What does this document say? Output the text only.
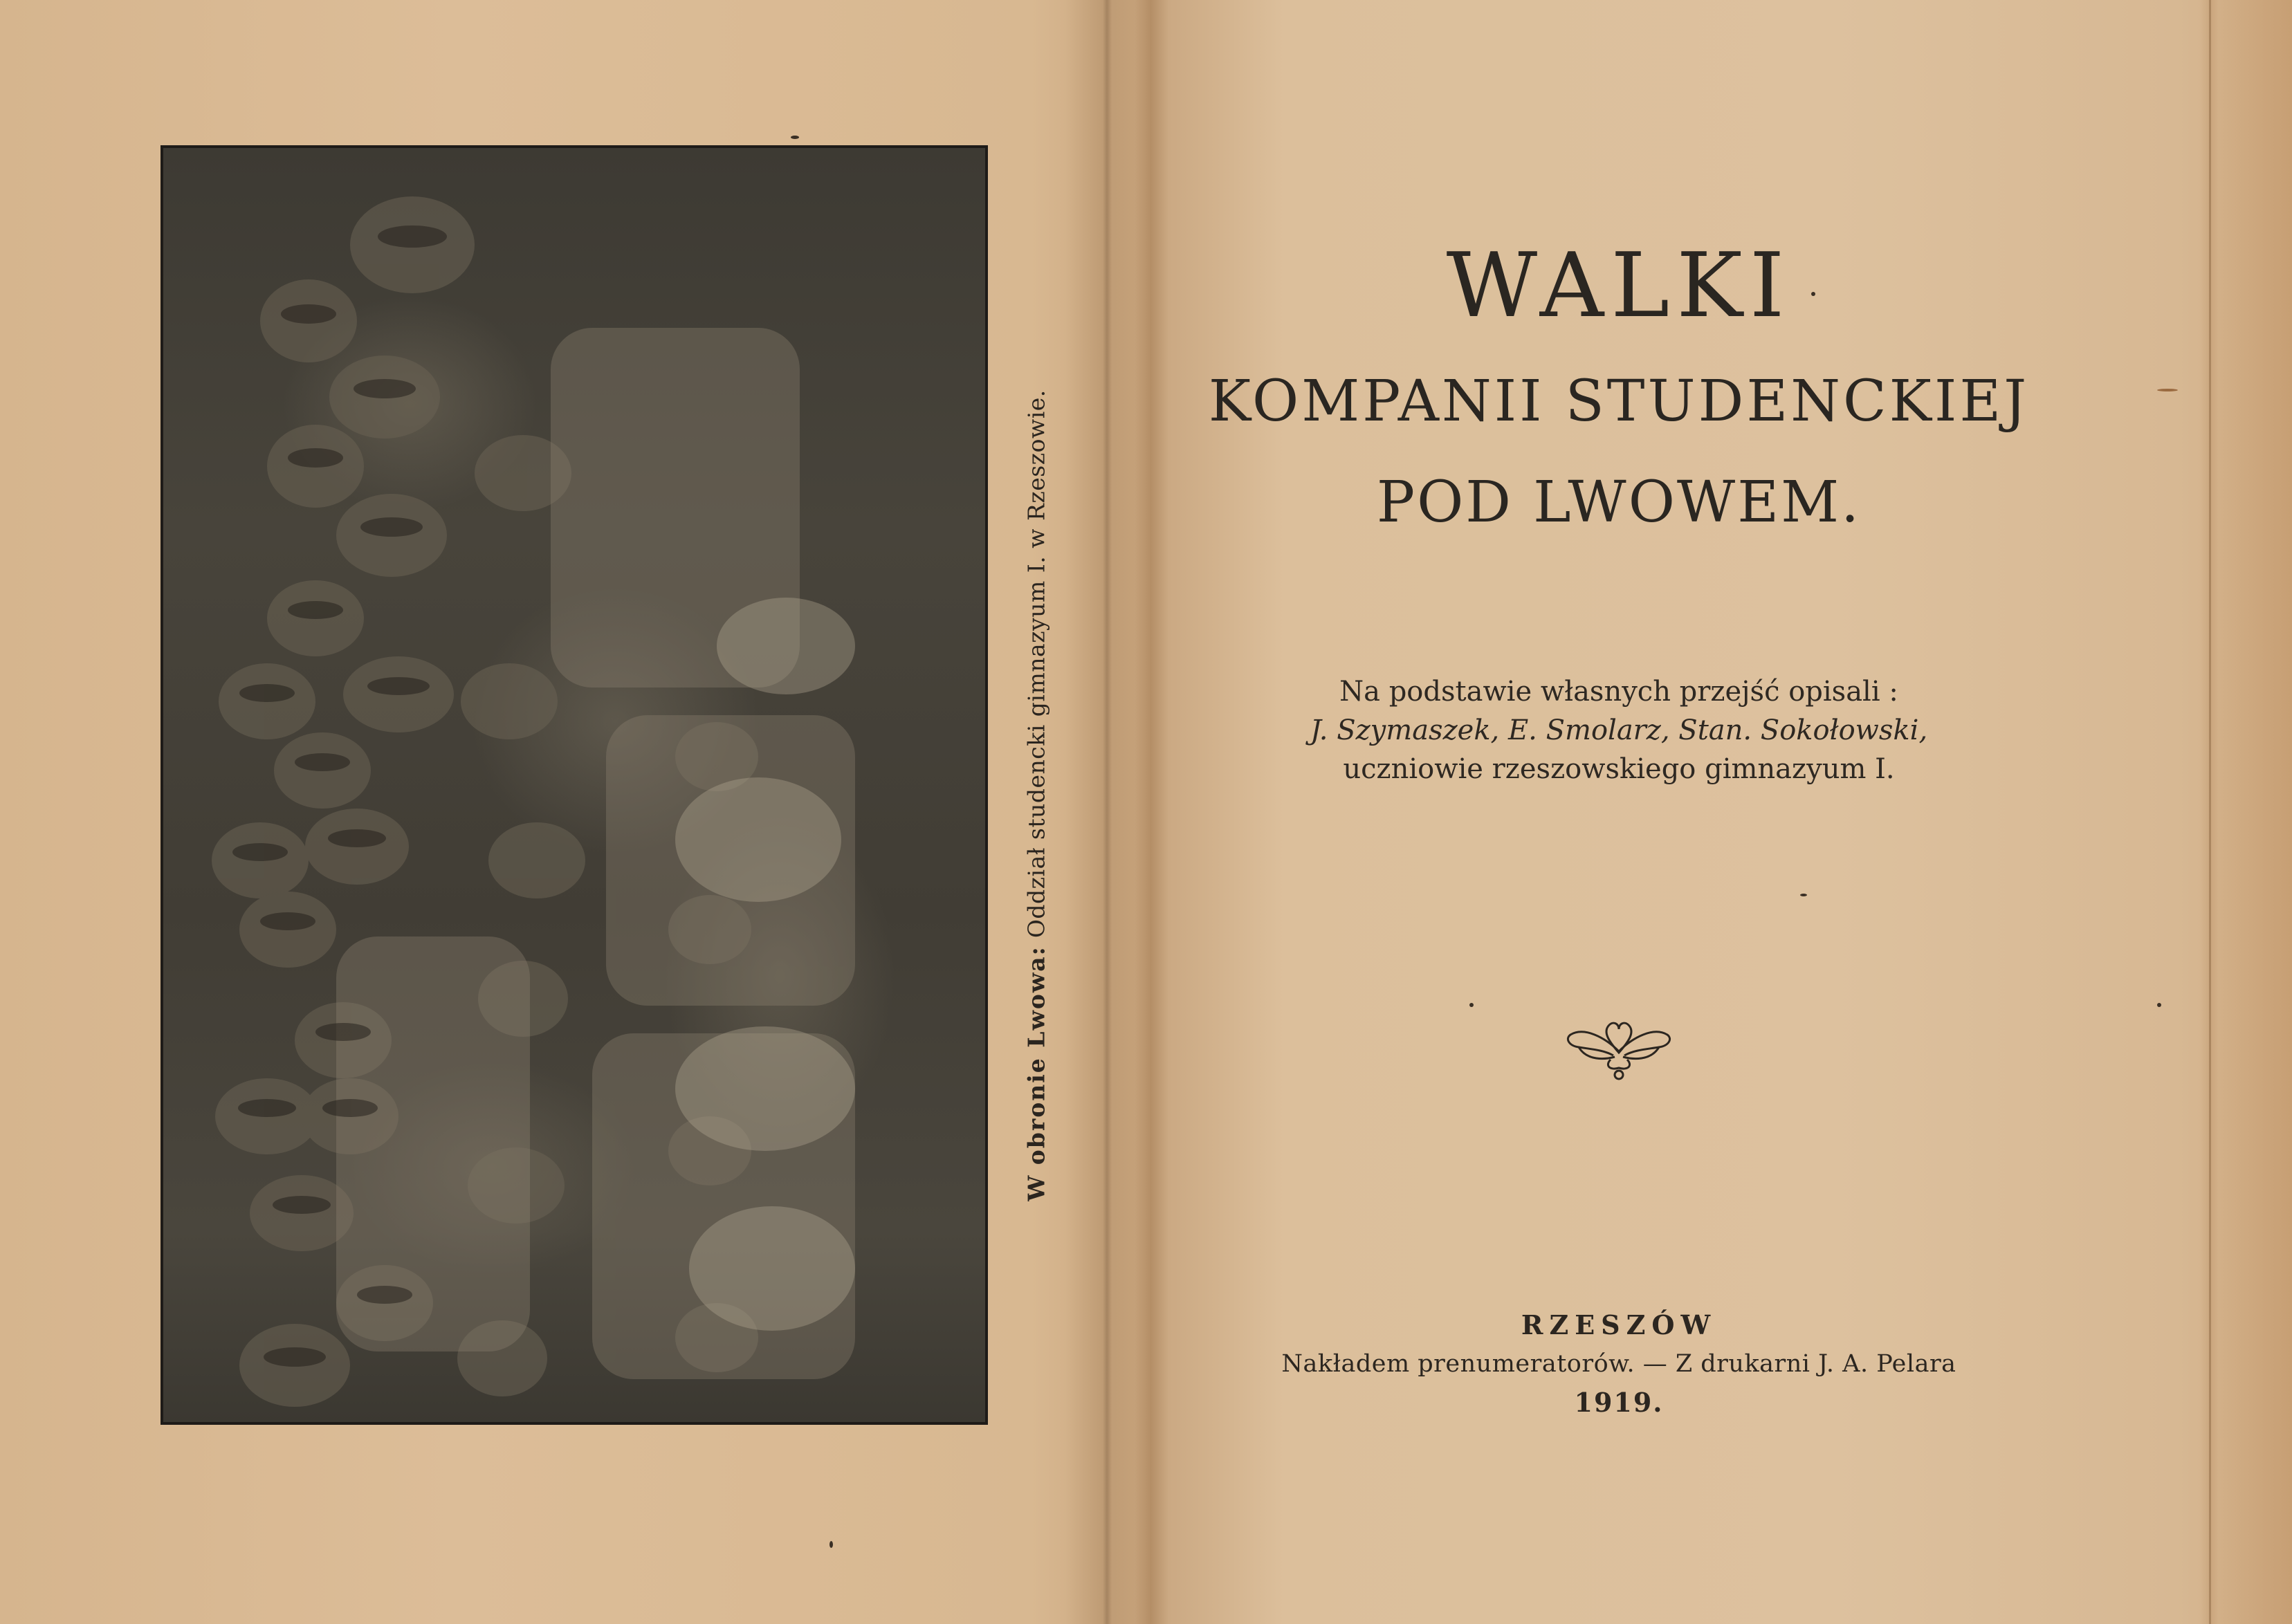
W obronie Lwowa: Oddział studencki gimnazyum I. w Rzeszowie.
WALKI
KOMPANII STUDENCKIEJ
POD LWOWEM.
Na podstawie własnych przejść opisali :
J. Szymaszek, E. Smolarz, Stan. Sokołowski,
uczniowie rzeszowskiego gimnazyum I.
RZESZÓW
Nakładem prenumeratorów. — Z drukarni J. A. Pelara
1919.
